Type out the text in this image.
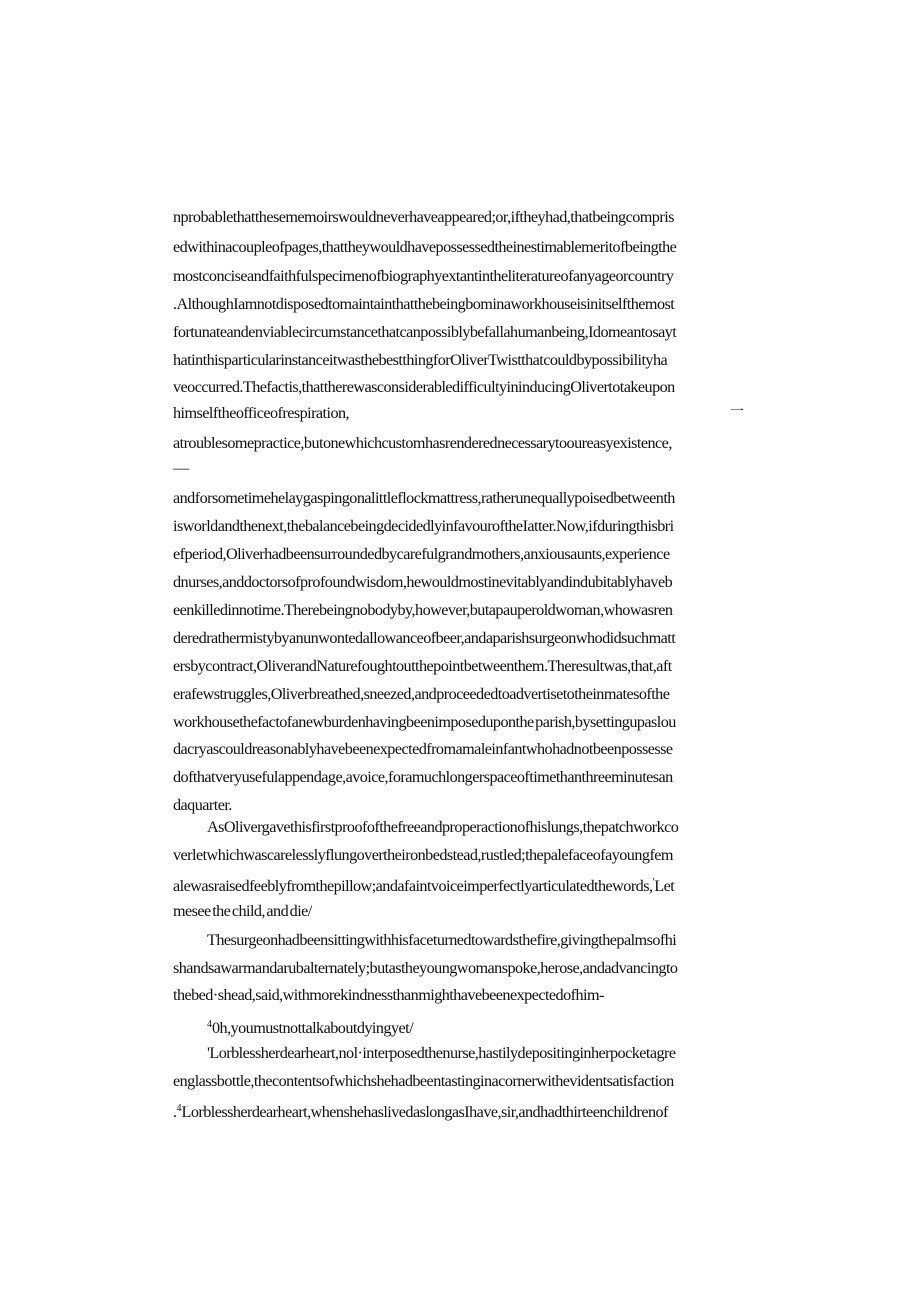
nprobablethatthesememoirswouldneverhaveappeared;or,iftheyhad,thatbeingcompris
edwithinacoupleofpages,thattheywouldhavepossessedtheinestimablemeritofbeingthe
mostconciseandfaithfulspecimenofbiographyextantintheliteratureofanyageorcountry
.AlthoughIamnotdisposedtomaintainthatthebeingbominaworkhouseisinitselfthemost
fortunateandenviablecircumstancethatcanpossiblybefallahumanbeing,Idomeantosayt
hatinthisparticularinstanceitwasthebestthingforOliverTwistthatcouldbypossibilityha
veoccurred.Thefactis,thattherewasconsiderabledifficultyininducingOlivertotakeupon
himselftheofficeofrespiration,	一
atroublesomepractice,butonewhichcustomhasrenderednecessarytooureasyexistence,
—
andforsometimehelaygaspingonalittleflockmattress,ratherunequallypoisedbetweenth
isworldandthenext,thebalancebeingdecidedlyinfavouroftheIatter.Now,ifduringthisbri
efperiod,Oliverhadbeensurroundedbycarefulgrandmothers,anxiousaunts,experience
dnurses,anddoctorsofprofoundwisdom,hewouldmostinevitablyandindubitablyhaveb
eenkilledinnotime.Therebeingnobodyby,however,butapauperoldwoman,whowasren
deredrathermistybyanunwontedallowanceofbeer,andaparishsurgeonwhodidsuchmatt
ersbycontract,OliverandNaturefoughtoutthepointbetweenthem.Theresultwas,that,aft
erafewstruggles,Oliverbreathed,sneezed,andproceededtoadvertisetotheinmatesofthe
workhousethefactofanewburdenhavingbeenimposeduponthe parish,bysettingupaslou
dacryascouldreasonablyhavebeenexpectedfromamaleinfantwhohadnotbeenpossesse
dofthatveryusefulappendage,avoice,foramuchlongerspaceoftimethanthreeminutesan
daquarter.
AsOlivergavethisfirstproofofthefreeandproperactionofhislungs,thepatchworkco
verletwhichwascarelesslyflungovertheironbedstead,rustled;thepalefaceofayoungfem
alewasraisedfeeblyfromthepillow;andafaintvoiceimperfectlyarticulatedthewords,'Let
mesee the child, and die/
Thesurgeonhadbeensittingwithhisfaceturnedtowardsthefire,givingthepalmsofhi
shandsawarmandarubalternately;butastheyoungwomanspoke,herose,andadvancingto
thebed·shead,said,withmorekindnessthanmighthavebeenexpectedofhim-
$^4$0h,youmustnottalkaboutdyingyet/
'Lorblessherdearheart,nol·interposedthenurse,hastilydepositinginherpocketagre
englassbottle,thecontentsofwhichshehadbeentastinginacornerwithevidentsatisfaction
.$^4$Lorblessherdearheart,whenshehaslivedaslongasIhave,sir,andhadthirteenchildrenof
